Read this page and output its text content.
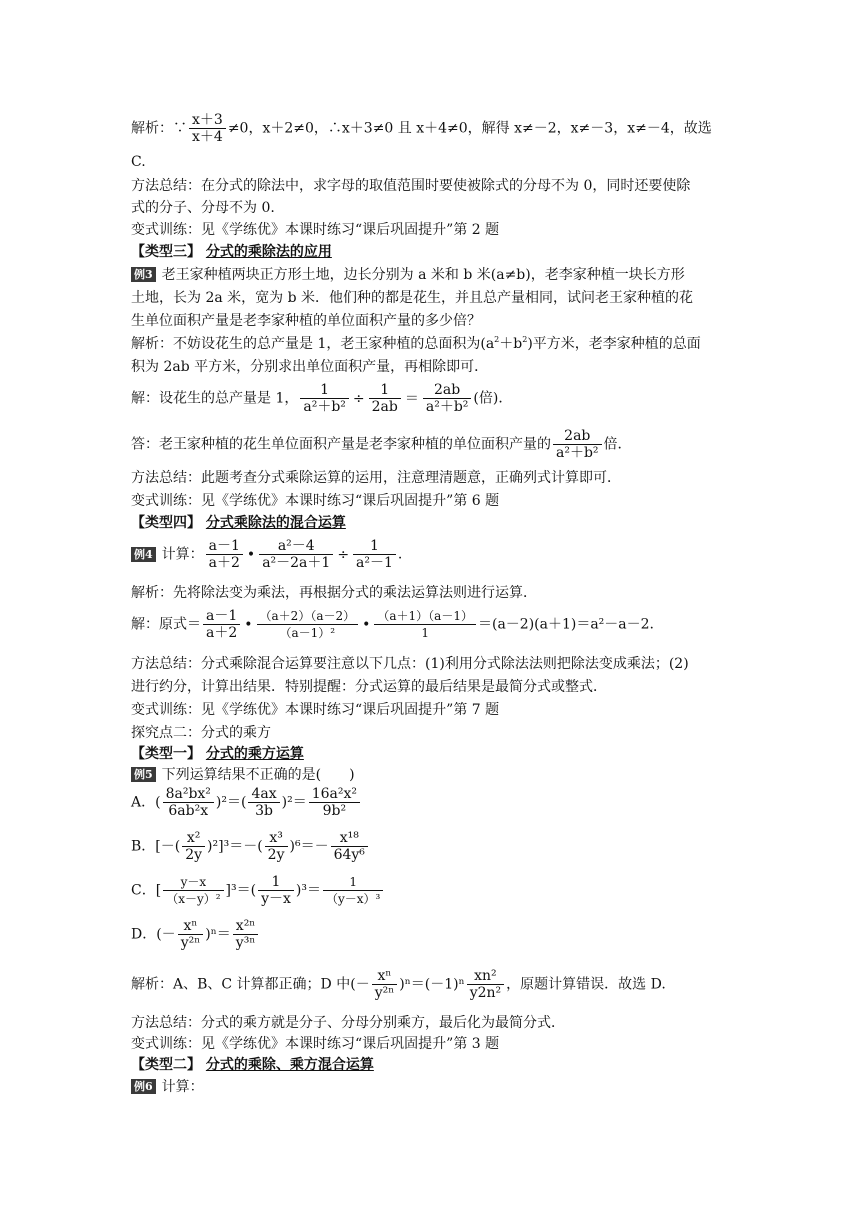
解析：∵ $\frac{x+3}{x+4} \ne 0$，x＋2≠0，∴x＋3≠0 且 x＋4≠0，解得 x≠－2，x≠－3，x≠－4，故选
C.
方法总结：在分式的除法中，求字母的取值范围时要使被除式的分母不为 0，同时还要使除
式的分子、分母不为 0.
变式训练：见《学练优》本课时练习“课后巩固提升”第 2 题
【类型三】 分式的乘除法的应用
例3 老王家种植两块正方形土地，边长分别为 a 米和 b 米(a≠b)，老李家种植一块长方形
土地，长为 2a 米，宽为 b 米．他们种的都是花生，并且总产量相同，试问老王家种植的花
生单位面积产量是老李家种植的单位面积产量的多少倍？
解析：不妨设花生的总产量是 1，老王家种植的总面积为$(a^2+b^2)$平方米，老李家种植的总面
积为 2ab 平方米，分别求出单位面积产量，再相除即可．
解：设花生的总产量是 1， $\frac{1}{\text{a²＋b²}} \div \frac{1}{2ab} = \frac{2ab}{\text{a²＋b²}}$ (倍)．
答：老王家种植的花生单位面积产量是老李家种植的单位面积产量的 $\frac{2ab}{\text{a²＋b²}}$ 倍．
方法总结：此题考查分式乘除运算的运用，注意理清题意，正确列式计算即可．
变式训练：见《学练优》本课时练习“课后巩固提升”第 6 题
【类型四】 分式乘除法的混合运算
例4 计算： $\frac{a-1}{a+2}$ • $\frac{\text{a²－4}}{\text{a²－2a＋1}} \div \frac{1}{\text{a²－1}}$ .
解析：先将除法变为乘法，再根据分式的乘法运算法则进行运算．
解：原式＝ $\frac{a-1}{a+2}$ • $\frac{(a+2)(a-2)}{\text{（a－1）²}}$ • $\frac{(a+1)(a-1)}{1} =(a-2)(a+1)=a^2-a-2$.
方法总结：分式乘除混合运算要注意以下几点：(1)利用分式除法法则把除法变成乘法；(2)
进行约分，计算出结果．特别提醒：分式运算的最后结果是最简分式或整式．
变式训练：见《学练优》本课时练习“课后巩固提升”第 7 题
探究点二：分式的乘方
【类型一】 分式的乘方运算
例5 下列运算结果不正确的是(　　)
A．( $\frac{\text{8a²bx²}}{\text{6ab²x}} )^2=( \frac{4ax}{3b} )^2= \frac{\text{16a²x²}}{\text{9b²}}$
B．[－( $\frac{\text{x²}}{2y} )^2]^3=-( \frac{\text{x³}}{2y} )^6=- \frac{\text{x¹⁸}}{\text{64y⁶}}$
C．[ $\frac{y-x}{\text{（x－y）²}} ]^3=( \frac{1}{y-x} )^3= \frac{1}{\text{（y－x）³}}$
D．(－ $\frac{\text{xⁿ}}{\text{y²ⁿ}} )^n= \frac{\text{x²ⁿ}}{\text{y³ⁿ}}$
解析：A、B、C 计算都正确；D 中(－ $\frac{\text{xⁿ}}{\text{y²ⁿ}} )^n=(-1)^n \frac{\text{xn²}}{\text{y2n²}}$ ，原题计算错误．故选 D.
方法总结：分式的乘方就是分子、分母分别乘方，最后化为最简分式．
变式训练：见《学练优》本课时练习“课后巩固提升”第 3 题
【类型二】 分式的乘除、乘方混合运算
例6 计算：
